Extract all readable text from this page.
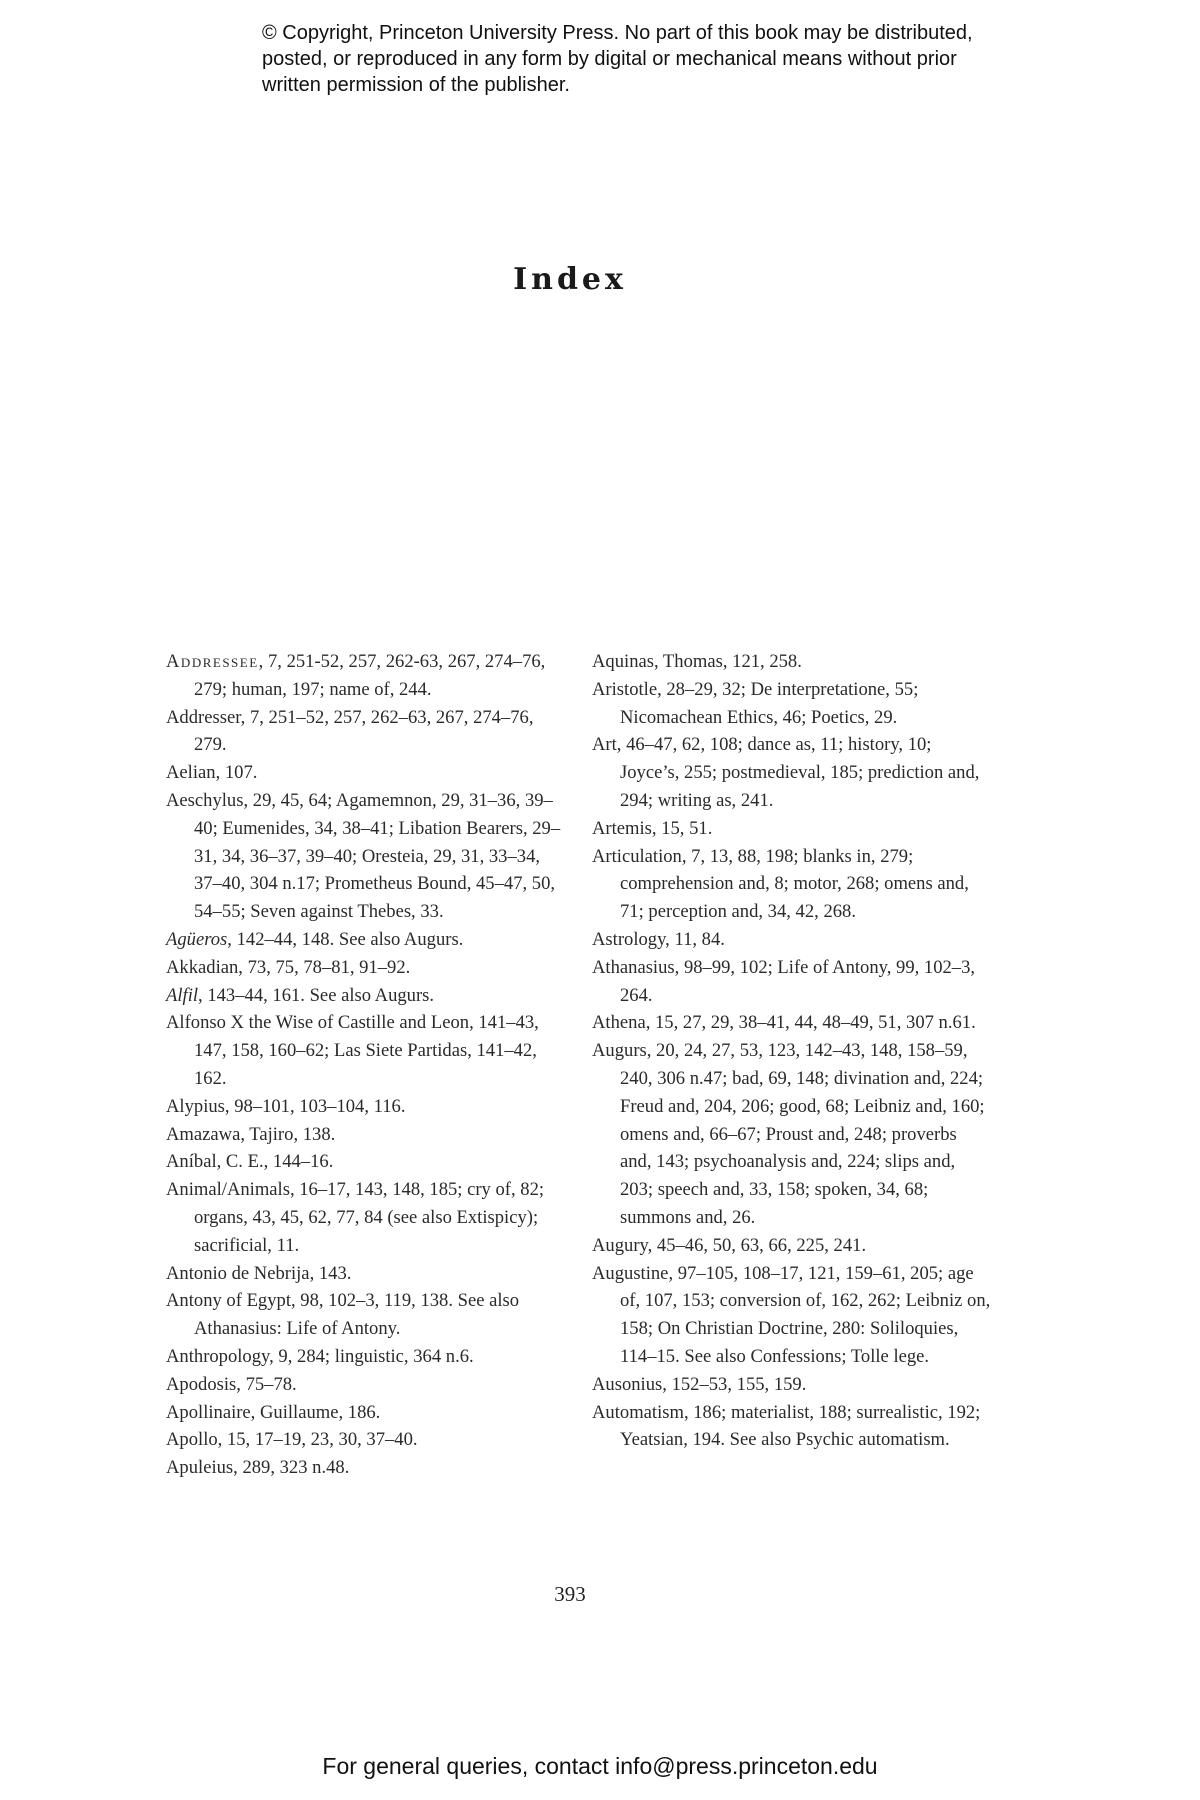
© Copyright, Princeton University Press. No part of this book may be distributed, posted, or reproduced in any form by digital or mechanical means without prior written permission of the publisher.
Index

Addressee, 7, 251-52, 257, 262-63, 267, 274–76, 279; human, 197; name of, 244.

Addresser, 7, 251–52, 257, 262–63, 267, 274–76, 279.

Aelian, 107.

Aeschylus, 29, 45, 64; Agamemnon, 29, 31–36, 39–40; Eumenides, 34, 38–41; Libation Bearers, 29–31, 34, 36–37, 39–40; Oresteia, 29, 31, 33–34, 37–40, 304 n.17; Prometheus Bound, 45–47, 50, 54–55; Seven against Thebes, 33.

Agüeros, 142–44, 148. See also Augurs.

Akkadian, 73, 75, 78–81, 91–92.

Alfil, 143–44, 161. See also Augurs.

Alfonso X the Wise of Castille and Leon, 141–43, 147, 158, 160–62; Las Siete Partidas, 141–42, 162.

Alypius, 98–101, 103–104, 116.

Amazawa, Tajiro, 138.

Aníbal, C. E., 144–16.

Animal/Animals, 16–17, 143, 148, 185; cry of, 82; organs, 43, 45, 62, 77, 84 (see also Extispicy); sacrificial, 11.

Antonio de Nebrija, 143.

Antony of Egypt, 98, 102–3, 119, 138. See also Athanasius: Life of Antony.

Anthropology, 9, 284; linguistic, 364 n.6.

Apodosis, 75–78.

Apollinaire, Guillaume, 186.

Apollo, 15, 17–19, 23, 30, 37–40.

Apuleius, 289, 323 n.48.

Aquinas, Thomas, 121, 258.

Aristotle, 28–29, 32; De interpretatione, 55; Nicomachean Ethics, 46; Poetics, 29.

Art, 46–47, 62, 108; dance as, 11; history, 10; Joyce’s, 255; postmedieval, 185; prediction and, 294; writing as, 241.

Artemis, 15, 51.

Articulation, 7, 13, 88, 198; blanks in, 279; comprehension and, 8; motor, 268; omens and, 71; perception and, 34, 42, 268.

Astrology, 11, 84.

Athanasius, 98–99, 102; Life of Antony, 99, 102–3, 264.

Athena, 15, 27, 29, 38–41, 44, 48–49, 51, 307 n.61.

Augurs, 20, 24, 27, 53, 123, 142–43, 148, 158–59, 240, 306 n.47; bad, 69, 148; divination and, 224; Freud and, 204, 206; good, 68; Leibniz and, 160; omens and, 66–67; Proust and, 248; proverbs and, 143; psychoanalysis and, 224; slips and, 203; speech and, 33, 158; spoken, 34, 68; summons and, 26.

Augury, 45–46, 50, 63, 66, 225, 241.

Augustine, 97–105, 108–17, 121, 159–61, 205; age of, 107, 153; conversion of, 162, 262; Leibniz on, 158; On Christian Doctrine, 280: Soliloquies, 114–15. See also Confessions; Tolle lege.

Ausonius, 152–53, 155, 159.

Automatism, 186; materialist, 188; surrealistic, 192; Yeatsian, 194. See also Psychic automatism.

393
For general queries, contact info@press.princeton.edu
